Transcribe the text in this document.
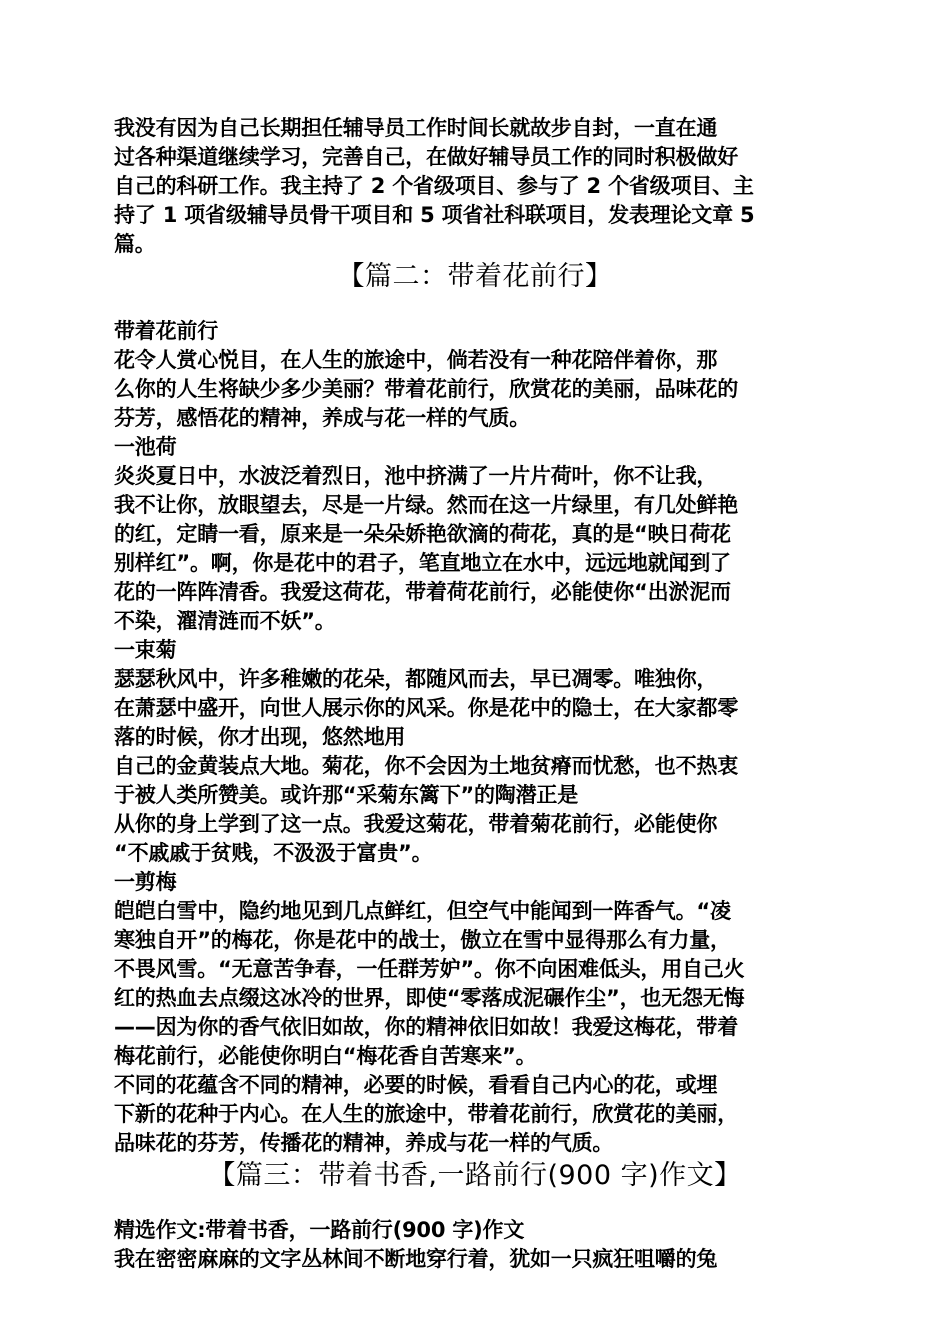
我没有因为自己长期担任辅导员工作时间长就故步自封，一直在通
过各种渠道继续学习，完善自己，在做好辅导员工作的同时积极做好
自己的科研工作。我主持了 2 个省级项目、参与了 2 个省级项目、主
持了 1 项省级辅导员骨干项目和 5 项省社科联项目，发表理论文章 5
篇。
【篇二：带着花前行】
带着花前行
花令人赏心悦目，在人生的旅途中，倘若没有一种花陪伴着你，那
么你的人生将缺少多少美丽？带着花前行，欣赏花的美丽，品味花的
芬芳，感悟花的精神，养成与花一样的气质。
一池荷
炎炎夏日中，水波泛着烈日，池中挤满了一片片荷叶，你不让我，
我不让你，放眼望去，尽是一片绿。然而在这一片绿里，有几处鲜艳
的红，定睛一看，原来是一朵朵娇艳欲滴的荷花，真的是“映日荷花
别样红”。啊，你是花中的君子，笔直地立在水中，远远地就闻到了
花的一阵阵清香。我爱这荷花，带着荷花前行，必能使你“出淤泥而
不染，濯清涟而不妖”。
一束菊
瑟瑟秋风中，许多稚嫩的花朵，都随风而去，早已凋零。唯独你，
在萧瑟中盛开，向世人展示你的风采。你是花中的隐士，在大家都零
落的时候，你才出现，悠然地用
自己的金黄装点大地。菊花，你不会因为土地贫瘠而忧愁，也不热衷
于被人类所赞美。或许那“采菊东篱下”的陶潜正是
从你的身上学到了这一点。我爱这菊花，带着菊花前行，必能使你
“不戚戚于贫贱，不汲汲于富贵”。
一剪梅
皑皑白雪中，隐约地见到几点鲜红，但空气中能闻到一阵香气。“凌
寒独自开”的梅花，你是花中的战士，傲立在雪中显得那么有力量，
不畏风雪。“无意苦争春，一任群芳妒”。你不向困难低头，用自己火
红的热血去点缀这冰冷的世界，即使“零落成泥碾作尘”，也无怨无悔
——因为你的香气依旧如故，你的精神依旧如故！我爱这梅花，带着
梅花前行，必能使你明白“梅花香自苦寒来”。
不同的花蕴含不同的精神，必要的时候，看看自己内心的花，或埋
下新的花种于内心。在人生的旅途中，带着花前行，欣赏花的美丽，
品味花的芬芳，传播花的精神，养成与花一样的气质。
【篇三：带着书香,一路前行(900 字)作文】
精选作文:带着书香，一路前行(900 字)作文
我在密密麻麻的文字丛林间不断地穿行着，犹如一只疯狂咀嚼的兔
